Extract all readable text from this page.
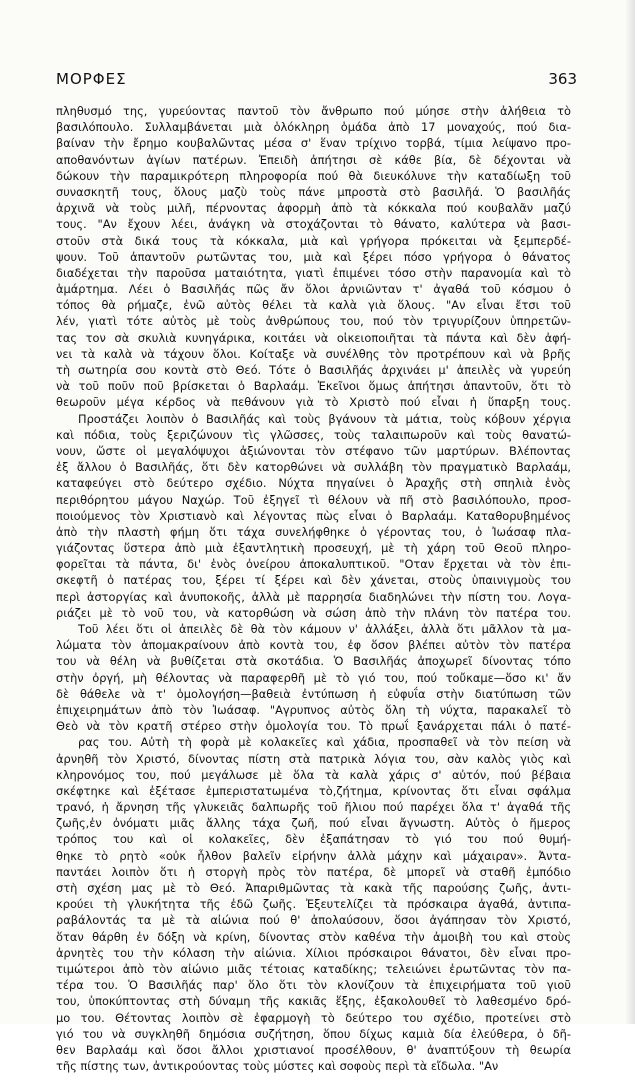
ΜΟΡΦΕΣ	363
πληθυσμό της, γυρεύοντας παντοῦ τὸν ἄνθρωπο πού μύησε στὴν ἀλήθεια τὸ
βασιλόπουλο. Συλλαμβάνεται μιὰ ὁλόκληρη ὁμάδα ἀπὸ 17 μοναχούς, πού δια-
βαίναν τὴν ἔρημο κουβαλῶντας μέσα σ' ἕναν τρίχινο τορβά, τίμια λείψανο προ-
αποθανόντων ἁγίων πατέρων. Ἐπειδὴ ἀπήτησι σὲ κάθε βία, δὲ δέχονται νὰ
δώκουν τὴν παραμικρότερη πληροφορία πού θὰ διευκόλυνε τὴν καταδίωξη τοῦ
συνασκητῆ τους, ὅλους μαζὺ τοὺς πάνε μπροστὰ στὸ βασιλῆά. Ὁ βασιλῆάς
ἀρχινᾶ νὰ τοὺς μιλῆ, πέρνοντας ἀφορμὴ ἀπὸ τὰ κόκκαλα πού κουβαλᾶν μαζύ
τους. "Αν ἔχουν λέει, ἀνάγκη νὰ στοχάζονται τὸ θάνατο, καλύτερα νὰ βασι-
στοῦν στὰ δικά τους τὰ κόκκαλα, μιὰ καὶ γρήγορα πρόκειται νὰ ξεμπερδέ-
ψουν. Τοῦ ἀπαντοῦν ρωτῶντας του, μιὰ καὶ ξέρει πόσο γρήγορα ὁ θάνατος
διαδέχεται τὴν παροῦσα ματαιότητα, γιατὶ ἐπιμένει τόσο στὴν παρανομία καὶ τὸ
ἁμάρτημα. Λέει ὁ Βασιλῆάς πῶς ἄν ὅλοι ἀρνιῶνταν τ' ἀγαθά τοῦ κόσμου ὁ
τόπος θὰ ρήμαζε, ἐνῶ αὐτὸς θέλει τὰ καλὰ γιὰ ὅλους. "Αν εἶναι ἔτσι τοῦ
λέν, γιατὶ τότε αὐτὸς μὲ τοὺς ἀνθρώπους του, πού τὸν τριγυρίζουν ὑπηρετῶν-
τας τον σὰ σκυλιὰ κυνηγάρικα, κοιτάει νὰ οἰκειοποιῆται τὰ πάντα καὶ δὲν ἀφή-
νει τὰ καλὰ νὰ τάχουν ὅλοι. Κοίταξε νὰ συνέλθης τὸν προτρέπουν καὶ νὰ βρῆς
τὴ σωτηρία σου κοντὰ στὸ Θεό. Τότε ὁ Βασιλῆάς ἀρχινάει μ' ἀπειλὲς νὰ γυρεύη
νὰ τοῦ ποῦν ποῦ βρίσκεται ὁ Βαρλαάμ. Ἐκεῖνοι ὅμως ἀπήτησι ἀπαντοῦν, ὅτι τὸ
θεωροῦν μέγα κέρδος νὰ πεθάνουν γιὰ τὸ Χριστὸ πού εἶναι ἡ ὕπαρξη τους.
Προστάζει λοιπὸν ὁ Βασιλῆάς καὶ τοὺς βγάνουν τὰ μάτια, τοὺς κόβουν χέργια
καὶ πόδια, τοὺς ξεριζώνουν τὶς γλῶσσες, τοὺς ταλαιπωροῦν καὶ τοὺς θανατώ-
νουν, ὥστε οἱ μεγαλόψυχοι ἀξιώνονται τὸν στέφανο τῶν μαρτύρων. Βλέποντας
ἐξ ἄλλου ὁ Βασιλῆάς, ὅτι δὲν κατορθώνει νὰ συλλάβη τὸν πραγματικὸ Βαρλαάμ,
καταφεύγει στὸ δεύτερο σχέδιο. Νύχτα πηγαίνει ὁ Ἀραχῆς στὴ σπηλιὰ ἑνὸς
περιθόρητου μάγου Ναχώρ. Τοῦ ἐξηγεῖ τὶ θέλουν νὰ πῆ στὸ βασιλόπουλο, προσ-
ποιούμενος τὸν Χριστιανὸ καὶ λέγοντας πὼς εἶναι ὁ Βαρλαάμ. Καταθορυβημένος
ἀπὸ τὴν πλαστὴ φήμη ὅτι τάχα συνελήφθηκε ὁ γέροντας του, ὁ Ἰωάσαφ πλα-
γιάζοντας ὕστερα ἀπὸ μιὰ ἐξαντλητικὴ προσευχή, μὲ τὴ χάρη τοῦ Θεοῦ πληρο-
φορεῖται τὰ πάντα, δι' ἑνὸς ὀνείρου ἀποκαλυπτικοῦ. "Οταν ἔρχεται νὰ τὸν ἐπι-
σκεφτῆ ὁ πατέρας του, ξέρει τί ξέρει καὶ δὲν χάνεται, στοὺς ὑπαινιγμοὺς του
περὶ ἀστοργίας καὶ ἀνυποκοῆς, ἀλλὰ μὲ παρρησία διαδηλώνει τὴν πίστη του. Λογα-
ριάζει μὲ τὸ νοῦ του, νὰ κατορθώση νὰ σώση ἀπὸ τὴν πλάνη τὸν πατέρα του.
Τοῦ λέει ὅτι οἱ ἀπειλὲς δὲ θὰ τὸν κάμουν ν' ἀλλάξει, ἀλλὰ ὅτι μᾶλλον τὰ μα-
λώματα τὸν ἀπομακραίνουν ἀπὸ κοντὰ του, ἐφ ὅσον βλέπει αὐτὸν τὸν πατέρα
του νὰ θέλη νὰ βυθίζεται στὰ σκοτάδια. Ὁ Βασιλῆάς ἀποχωρεῖ δίνοντας τόπο
στὴν ὀργή, μὴ θέλοντας νὰ παραφερθῆ μὲ τὸ γιό του, πού τοὔκαμε—ὅσο κι' ἄν
δὲ θάθελε νὰ τ' ὁμολογήση—βαθειὰ ἐντύπωση ἡ εὐφυΐα στὴν διατύπωση τῶν
ἐπιχειρημάτων ἀπὸ τὸν Ἰωάσαφ. "Αγρυπνος αὐτὸς ὅλη τὴ νύχτα, παρακαλεῖ τὸ
Θεὸ νὰ τὸν κρατῆ στέρεο στὴν ὁμολογία του. Τὸ πρωΐ ξανάρχεται πάλι ὁ πατέ-
ρας του. Αὐτὴ τὴ φορὰ μὲ κολακεῖες καὶ χάδια, προσπαθεῖ νὰ τὸν πείση νὰ
ἀρνηθῆ τὸν Χριστό, δίνοντας πίστη στὰ πατρικὰ λόγια του, σὰν καλὸς γιὸς καὶ
κληρονόμος του, πού μεγάλωσε μὲ ὅλα τὰ καλὰ χάρις σ' αὐτόν, πού βέβαια
σκέφτηκε καὶ ἐξέτασε ἐμπεριστατωμένα τὸ,ζήτημα, κρίνοντας ὅτι εἶναι σφάλμα
τρανό, ἡ ἄρνηση τῆς γλυκειᾶς δαλπωρῆς τοῦ ἥλιου πού παρέχει ὅλα τ' ἀγαθά τῆς
ζωῆς,ἐν ὀνόματι μιᾶς ἄλλης τάχα ζωῆ, πού εἶναι ἄγνωστη. Αὐτὸς ὁ ἥμερος
τρόπος του καὶ οἱ κολακεῖες, δὲν ἐξαπάτησαν τὸ γιό του πού θυμή-
θηκε τὸ ρητὸ «οὐκ ἦλθον βαλεῖν εἰρήνην ἀλλὰ μάχην καὶ μάχαιραν». Ἀντα-
παντάει λοιπὸν ὅτι ἡ στοργὴ πρὸς τὸν πατέρα, δὲ μπορεῖ νὰ σταθῆ ἐμπόδιο
στὴ σχέση μας μὲ τὸ Θεό. Ἀπαριθμῶντας τὰ κακὰ τῆς παρούσης ζωῆς, ἀντι-
κρούει τὴ γλυκήτητα τῆς ἐδῶ ζωῆς. Ἐξευτελίζει τὰ πρόσκαιρα ἀγαθά, ἀντιπα-
ραβάλοντάς τα μὲ τὰ αἰώνια πού θ' ἀπολαύσουν, ὅσοι ἀγάπησαν τὸν Χριστό,
ὅταν θάρθη ἐν δόξη νὰ κρίνη, δίνοντας στὸν καθένα τὴν ἀμοιβὴ του καὶ στοὺς
ἀρνητὲς του τὴν κόλαση τὴν αἰώνια. Χίλιοι πρόσκαιροι θάνατοι, δὲν εἶναι προ-
τιμώτεροι ἀπὸ τὸν αἰώνιο μιᾶς τέτοιας καταδίκης; τελειώνει ἐρωτῶντας τὸν πα-
τέρα του. Ὁ Βασιλῆάς παρ' ὅλο ὅτι τὸν κλονίζουν τὰ ἐπιχειρήματα τοῦ γιοῦ
του, ὑποκύπτοντας στὴ δύναμη τῆς κακιᾶς ἕξης, ἐξακολουθεῖ τὸ λαθεσμένο δρό-
μο του. Θέτοντας λοιπὸν σὲ ἐφαρμογὴ τὸ δεύτερο του σχέδιο, προτείνει στὸ
γιό του νὰ συγκληθῆ δημόσια συζήτηση, ὅπου δίχως καμιὰ δία ἐλεύθερα, ὁ δῆ-
θεν Βαρλαάμ καὶ ὅσοι ἄλλοι χριστιανοί προσέλθουν, θ' ἀναπτύξουν τὴ θεωρία
τῆς πίστης των, ἀντικρούοντας τοὺς μύστες καὶ σοφοὺς περὶ τὰ εἴδωλα. "Αν
